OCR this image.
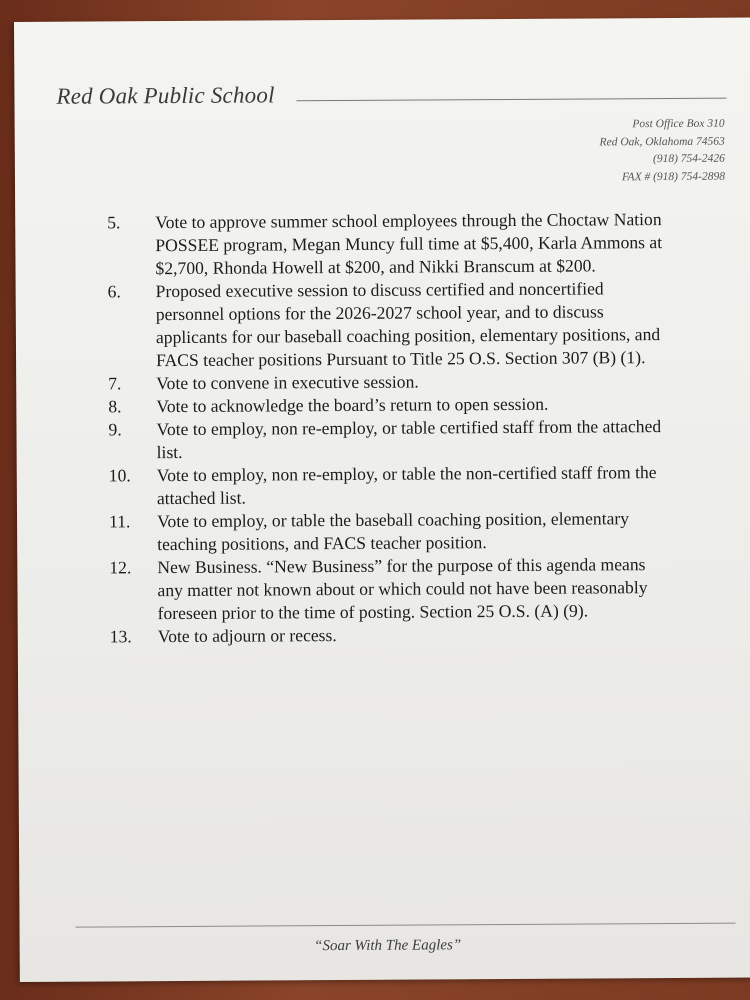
Red Oak Public School
Post Office Box 310
Red Oak, Oklahoma 74563
(918) 754-2426
FAX # (918) 754-2898
5.	Vote to approve summer school employees through the Choctaw Nation POSSEE program, Megan Muncy full time at $5,400, Karla Ammons at $2,700, Rhonda Howell at $200, and Nikki Branscum at $200.
6.	Proposed executive session to discuss certified and noncertified personnel options for the 2026-2027 school year, and to discuss applicants for our baseball coaching position, elementary positions, and FACS teacher positions Pursuant to Title 25 O.S. Section 307 (B) (1).
7.	Vote to convene in executive session.
8.	Vote to acknowledge the board’s return to open session.
9.	Vote to employ, non re-employ, or table certified staff from the attached list.
10.	Vote to employ, non re-employ, or table the non-certified staff from the attached list.
11.	Vote to employ, or table the baseball coaching position, elementary teaching positions, and FACS teacher position.
12.	New Business. “New Business” for the purpose of this agenda means any matter not known about or which could not have been reasonably foreseen prior to the time of posting. Section 25 O.S. (A) (9).
13.	Vote to adjourn or recess.
“Soar With The Eagles”
